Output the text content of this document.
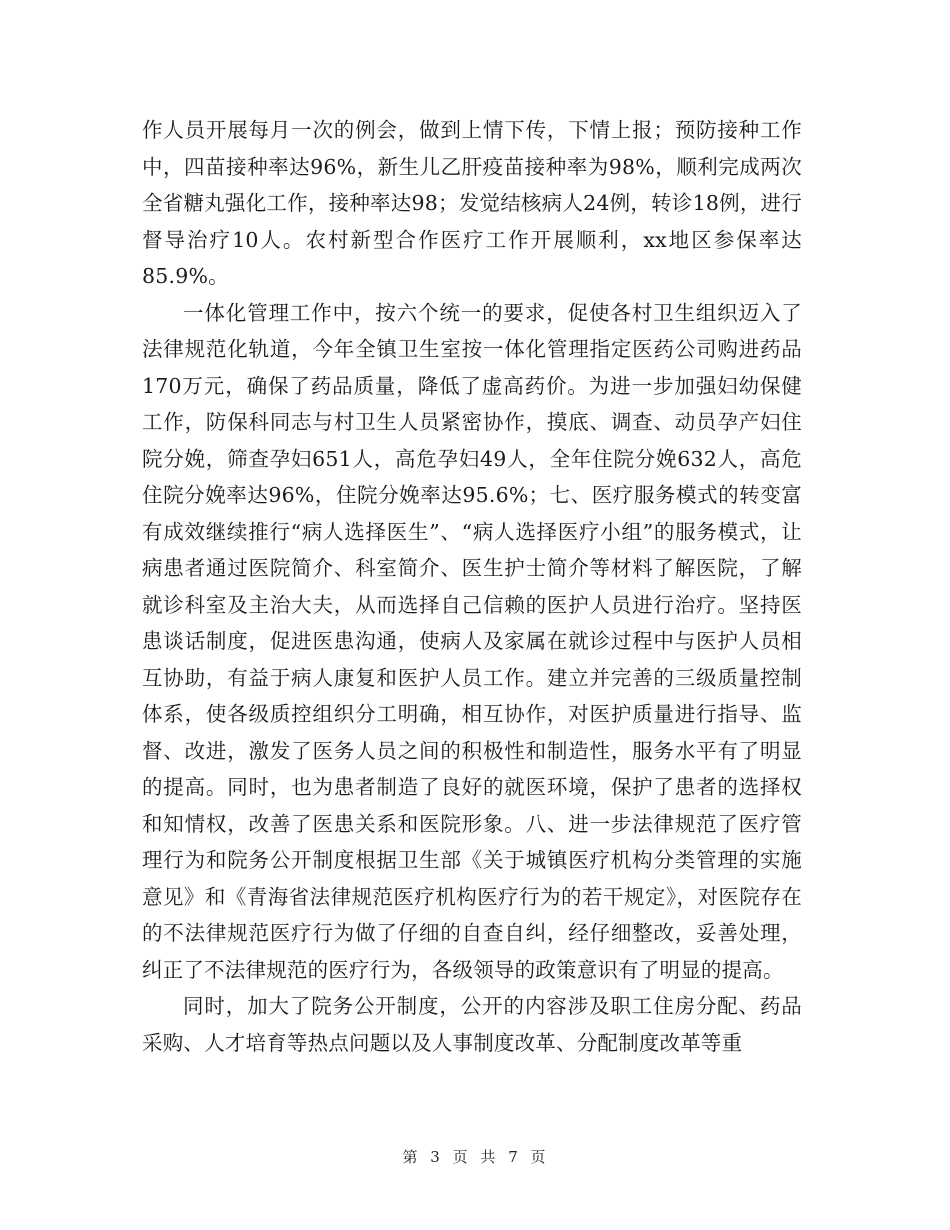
作人员开展每月一次的例会，做到上情下传，下情上报；预防接种工作中，四苗接种率达96%，新生儿乙肝疫苗接种率为98%，顺利完成两次全省糖丸强化工作，接种率达98；发觉结核病人24例，转诊18例，进行督导治疗10人。农村新型合作医疗工作开展顺利，xx地区参保率达85.9%。

一体化管理工作中，按六个统一的要求，促使各村卫生组织迈入了法律规范化轨道，今年全镇卫生室按一体化管理指定医药公司购进药品170万元，确保了药品质量，降低了虚高药价。为进一步加强妇幼保健工作，防保科同志与村卫生人员紧密协作，摸底、调查、动员孕产妇住院分娩，筛查孕妇651人，高危孕妇49人，全年住院分娩632人，高危住院分娩率达96%，住院分娩率达95.6%；七、医疗服务模式的转变富有成效继续推行“病人选择医生”、“病人选择医疗小组”的服务模式，让病患者通过医院简介、科室简介、医生护士简介等材料了解医院，了解就诊科室及主治大夫，从而选择自己信赖的医护人员进行治疗。坚持医患谈话制度，促进医患沟通，使病人及家属在就诊过程中与医护人员相互协助，有益于病人康复和医护人员工作。建立并完善的三级质量控制体系，使各级质控组织分工明确，相互协作，对医护质量进行指导、监督、改进，激发了医务人员之间的积极性和制造性，服务水平有了明显的提高。同时，也为患者制造了良好的就医环境，保护了患者的选择权和知情权，改善了医患关系和医院形象。八、进一步法律规范了医疗管理行为和院务公开制度根据卫生部《关于城镇医疗机构分类管理的实施意见》和《青海省法律规范医疗机构医疗行为的若干规定》，对医院存在的不法律规范医疗行为做了仔细的自查自纠，经仔细整改，妥善处理，纠正了不法律规范的医疗行为，各级领导的政策意识有了明显的提高。

同时，加大了院务公开制度，公开的内容涉及职工住房分配、药品采购、人才培育等热点问题以及人事制度改革、分配制度改革等重

第 3 页 共 7 页
